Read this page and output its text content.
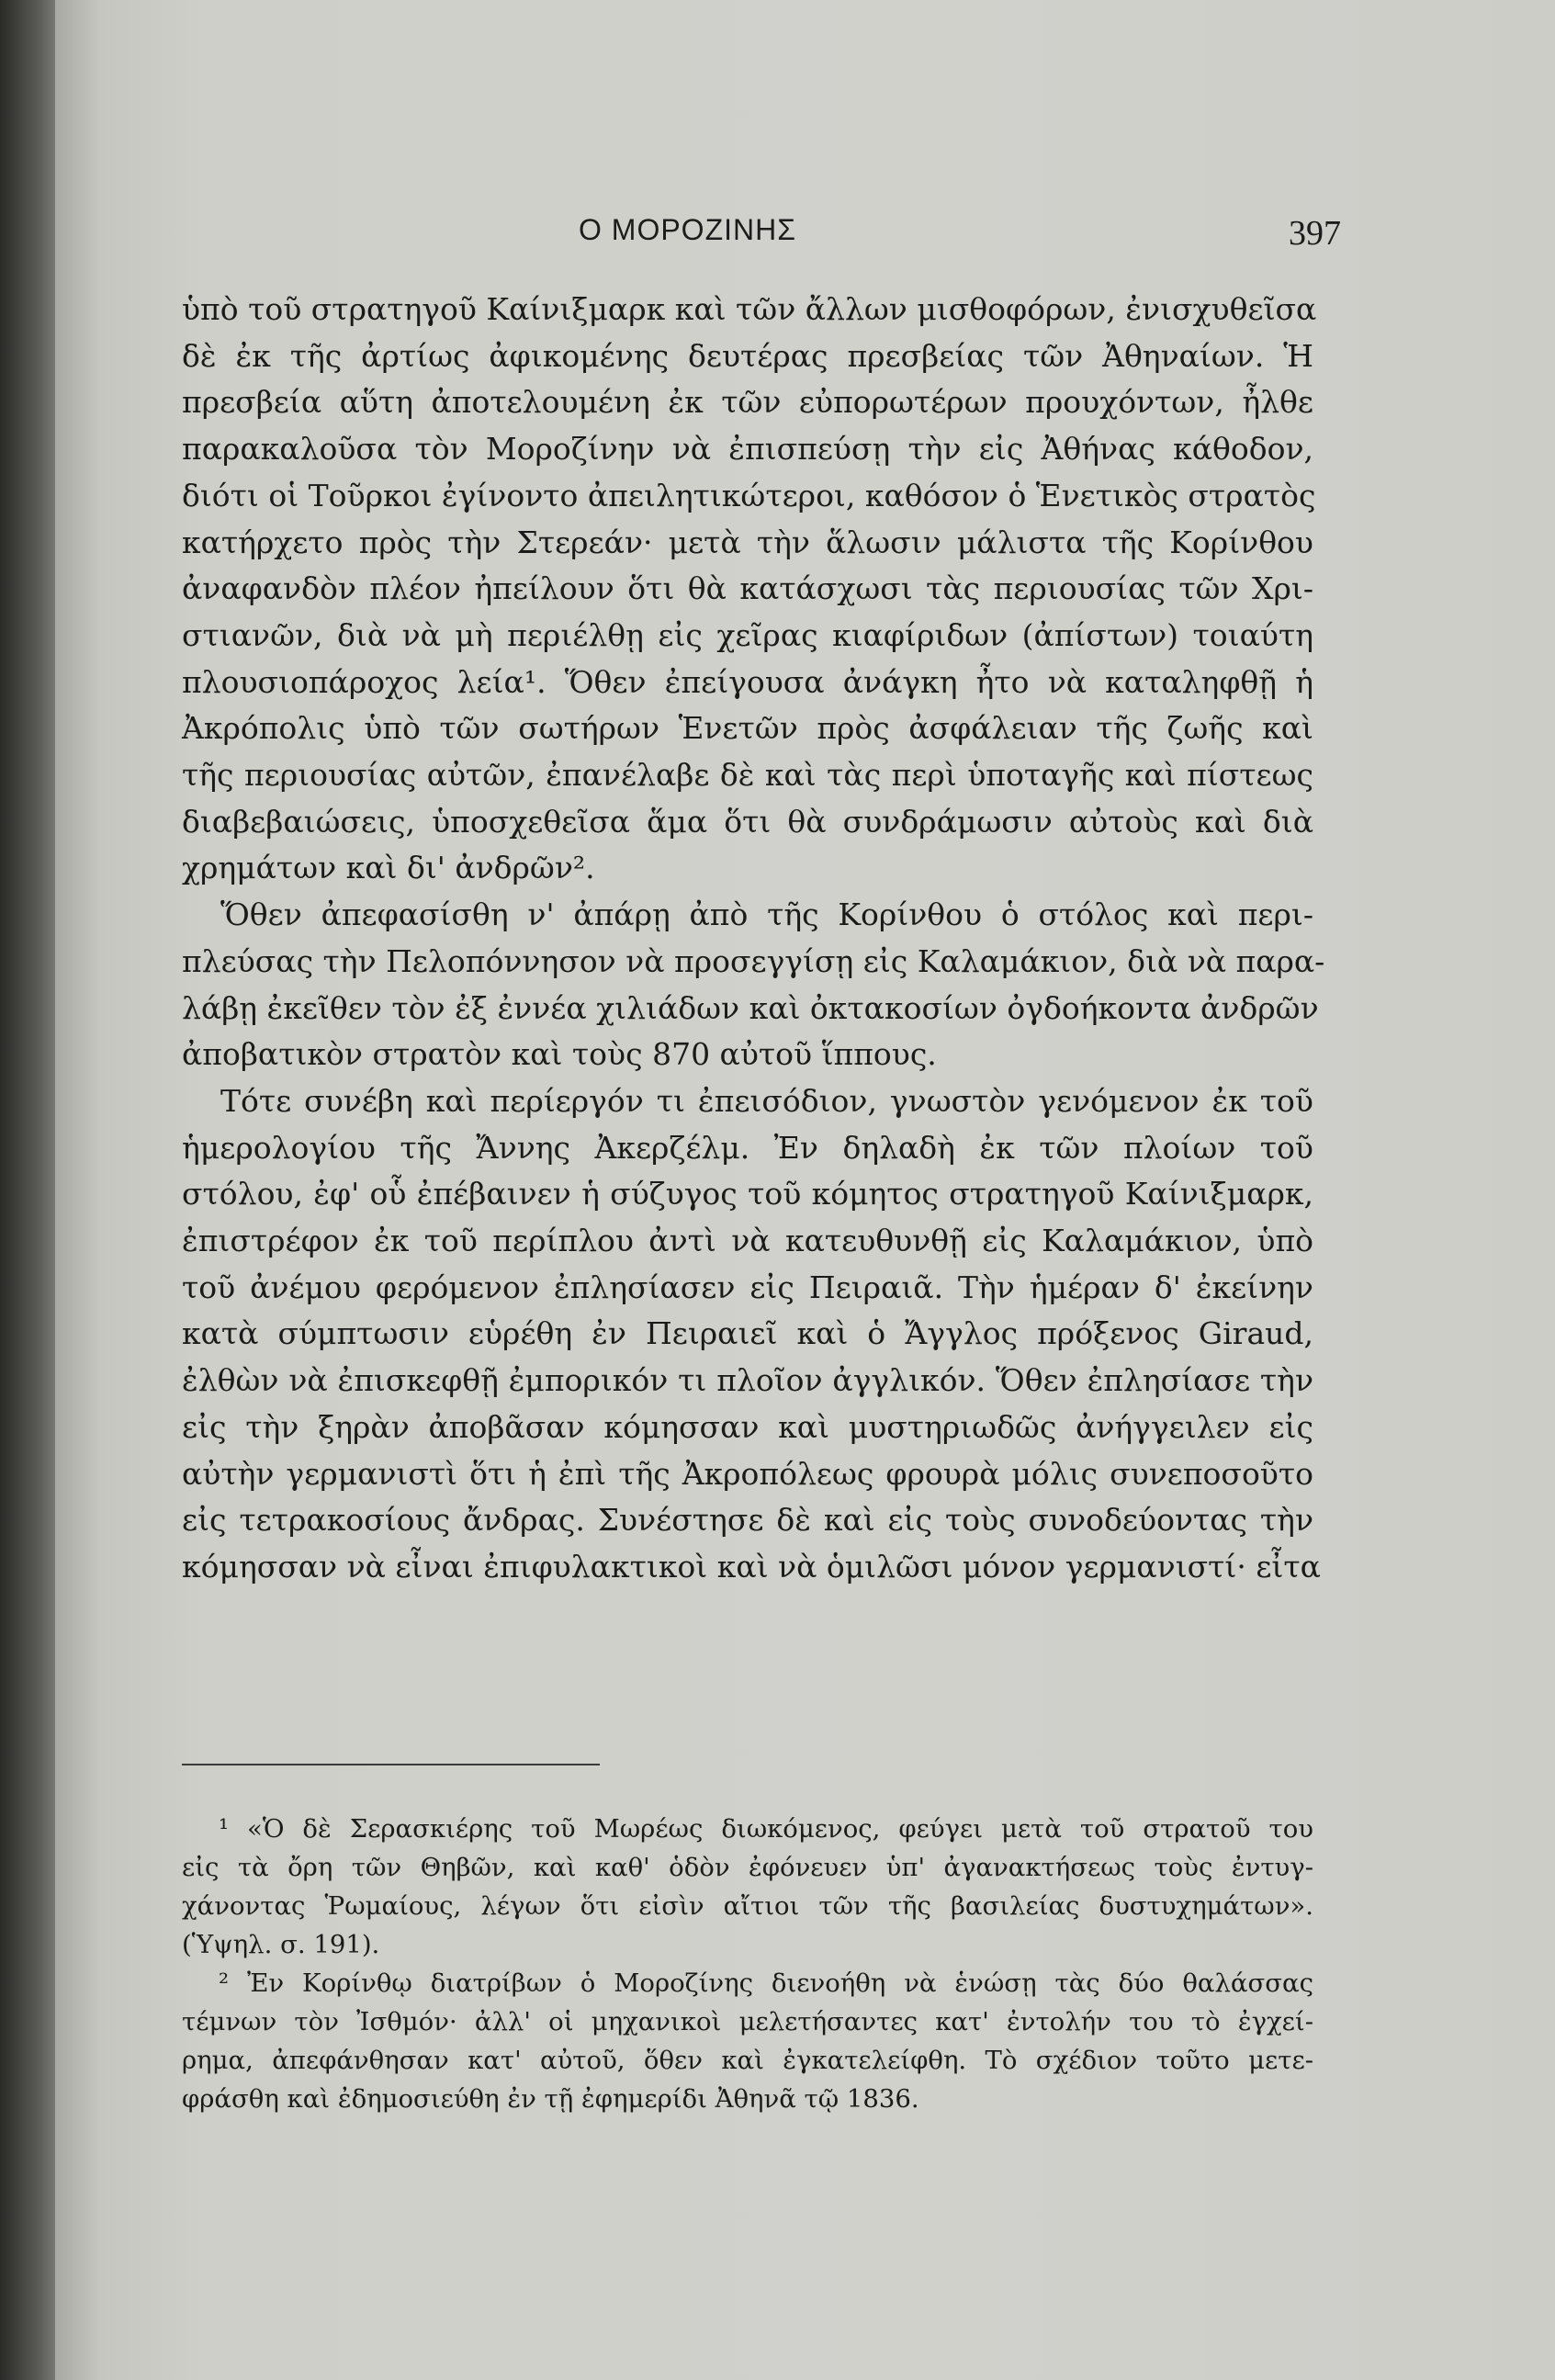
Ο ΜΟΡΟΖΙΝΗΣ	397
ὑπὸ τοῦ στρατηγοῦ Καίνιξμαρκ καὶ τῶν ἄλλων μισθοφόρων, ἐνισχυθεῖσα
δὲ ἐκ τῆς ἀρτίως ἀφικομένης δευτέρας πρεσβείας τῶν Ἀθηναίων. Ἡ
πρεσβεία αὕτη ἀποτελουμένη ἐκ τῶν εὐπορωτέρων προυχόντων, ἦλθε
παρακαλοῦσα τὸν Μοροζίνην νὰ ἐπισπεύσῃ τὴν εἰς Ἀθήνας κάθοδον,
διότι οἱ Τοῦρκοι ἐγίνοντο ἀπειλητικώτεροι, καθόσον ὁ Ἑνετικὸς στρατὸς
κατήρχετο πρὸς τὴν Στερεάν· μετὰ τὴν ἅλωσιν μάλιστα τῆς Κορίνθου
ἀναφανδὸν πλέον ἠπείλουν ὅτι θὰ κατάσχωσι τὰς περιουσίας τῶν Χρι-
στιανῶν, διὰ νὰ μὴ περιέλθῃ εἰς χεῖρας κιαφίριδων (ἀπίστων) τοιαύτη
πλουσιοπάροχος λεία¹. Ὅθεν ἐπείγουσα ἀνάγκη ἦτο νὰ καταληφθῇ ἡ
Ἀκρόπολις ὑπὸ τῶν σωτήρων Ἑνετῶν πρὸς ἀσφάλειαν τῆς ζωῆς καὶ
τῆς περιουσίας αὐτῶν, ἐπανέλαβε δὲ καὶ τὰς περὶ ὑποταγῆς καὶ πίστεως
διαβεβαιώσεις, ὑποσχεθεῖσα ἅμα ὅτι θὰ συνδράμωσιν αὐτοὺς καὶ διὰ
χρημάτων καὶ δι' ἀνδρῶν².
Ὅθεν ἀπεφασίσθη ν' ἀπάρῃ ἀπὸ τῆς Κορίνθου ὁ στόλος καὶ περι-
πλεύσας τὴν Πελοπόννησον νὰ προσεγγίσῃ εἰς Καλαμάκιον, διὰ νὰ παρα-
λάβῃ ἐκεῖθεν τὸν ἐξ ἐννέα χιλιάδων καὶ ὀκτακοσίων ὀγδοήκοντα ἀνδρῶν
ἀποβατικὸν στρατὸν καὶ τοὺς 870 αὐτοῦ ἵππους.
Τότε συνέβη καὶ περίεργόν τι ἐπεισόδιον, γνωστὸν γενόμενον ἐκ τοῦ
ἡμερολογίου τῆς Ἄννης Ἀκερζέλμ. Ἐν δηλαδὴ ἐκ τῶν πλοίων τοῦ
στόλου, ἐφ' οὗ ἐπέβαινεν ἡ σύζυγος τοῦ κόμητος στρατηγοῦ Καίνιξμαρκ,
ἐπιστρέφον ἐκ τοῦ περίπλου ἀντὶ νὰ κατευθυνθῇ εἰς Καλαμάκιον, ὑπὸ
τοῦ ἀνέμου φερόμενον ἐπλησίασεν εἰς Πειραιᾶ. Τὴν ἡμέραν δ' ἐκείνην
κατὰ σύμπτωσιν εὑρέθη ἐν Πειραιεῖ καὶ ὁ Ἄγγλος πρόξενος Giraud,
ἐλθὼν νὰ ἐπισκεφθῇ ἐμπορικόν τι πλοῖον ἀγγλικόν. Ὅθεν ἐπλησίασε τὴν
εἰς τὴν ξηρὰν ἀποβᾶσαν κόμησσαν καὶ μυστηριωδῶς ἀνήγγειλεν εἰς
αὐτὴν γερμανιστὶ ὅτι ἡ ἐπὶ τῆς Ἀκροπόλεως φρουρὰ μόλις συνεποσοῦτο
εἰς τετρακοσίους ἄνδρας. Συνέστησε δὲ καὶ εἰς τοὺς συνοδεύοντας τὴν
κόμησσαν νὰ εἶναι ἐπιφυλακτικοὶ καὶ νὰ ὁμιλῶσι μόνον γερμανιστί· εἶτα
¹ «Ὁ δὲ Σερασκιέρης τοῦ Μωρέως διωκόμενος, φεύγει μετὰ τοῦ στρατοῦ του
εἰς τὰ ὄρη τῶν Θηβῶν, καὶ καθ' ὁδὸν ἐφόνευεν ὑπ' ἀγανακτήσεως τοὺς ἐντυγ-
χάνοντας Ῥωμαίους, λέγων ὅτι εἰσὶν αἴτιοι τῶν τῆς βασιλείας δυστυχημάτων».
(Ὑψηλ. σ. 191).
² Ἐν Κορίνθῳ διατρίβων ὁ Μοροζίνης διενοήθη νὰ ἑνώσῃ τὰς δύο θαλάσσας
τέμνων τὸν Ἰσθμόν· ἀλλ' οἱ μηχανικοὶ μελετήσαντες κατ' ἐντολήν του τὸ ἐγχεί-
ρημα, ἀπεφάνθησαν κατ' αὐτοῦ, ὅθεν καὶ ἐγκατελείφθη. Τὸ σχέδιον τοῦτο μετε-
φράσθη καὶ ἐδημοσιεύθη ἐν τῇ ἐφημερίδι Ἀθηνᾶ τῷ 1836.
